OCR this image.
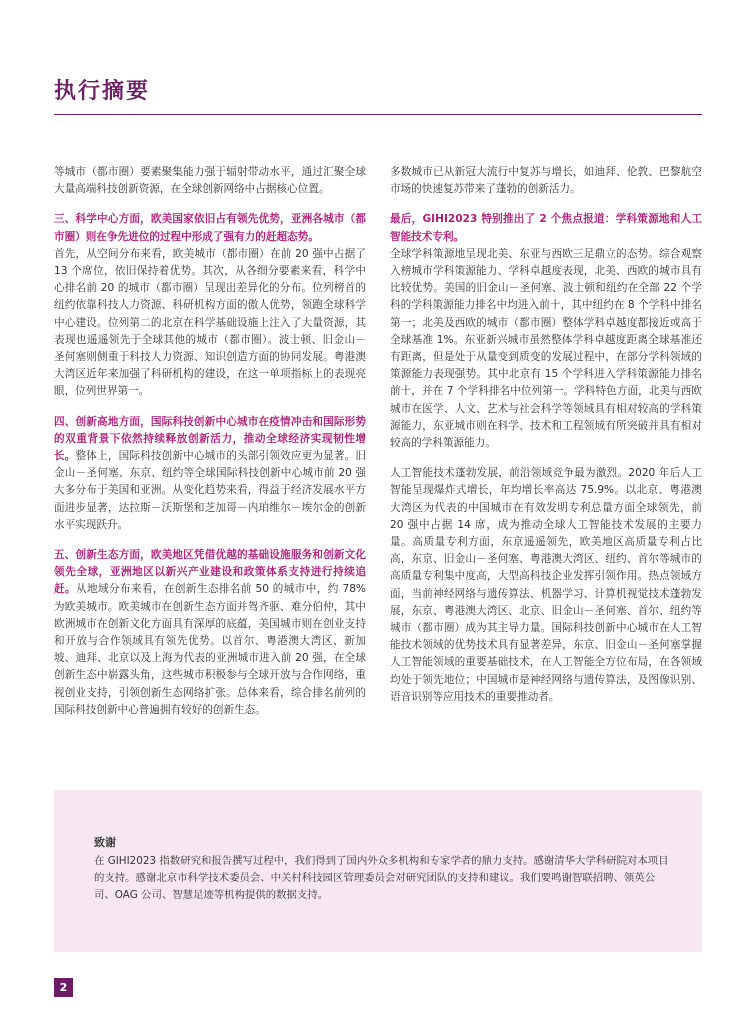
执行摘要

等城市（都市圈）要素聚集能力强于辐射带动水平，通过汇聚全球大量高端科技创新资源，在全球创新网络中占据核心位置。

三、科学中心方面，欧美国家依旧占有领先优势，亚洲各城市（都市圈）则在争先进位的过程中形成了强有力的赶超态势。
首先，从空间分布来看，欧美城市（都市圈）在前 20 强中占据了 13 个席位，依旧保持着优势。其次，从各细分要素来看，科学中心排名前 20 的城市（都市圈）呈现出差异化的分布。位列榜首的纽约依靠科技人力资源、科研机构方面的傲人优势，领跑全球科学中心建设。位列第二的北京在科学基础设施上注入了大量资源，其表现也遥遥领先于全球其他的城市（都市圈）。波士顿、旧金山－圣何塞则侧重于科技人力资源、知识创造方面的协同发展。粤港澳大湾区近年来加强了科研机构的建设，在这一单项指标上的表现亮眼，位列世界第一。

四、创新高地方面，国际科技创新中心城市在疫情冲击和国际形势的双重背景下依然持续释放创新活力，推动全球经济实现韧性增长。整体上，国际科技创新中心城市的头部引领效应更为显著。旧金山－圣何塞、东京、纽约等全球国际科技创新中心城市前 20 强大多分布于美国和亚洲。从变化趋势来看，得益于经济发展水平方面进步显著，达拉斯－沃斯堡和芝加哥－内珀维尔－埃尔金的创新水平实现跃升。

五、创新生态方面，欧美地区凭借优越的基础设施服务和创新文化领先全球，亚洲地区以新兴产业建设和政策体系支持进行持续追赶。从地域分布来看，在创新生态排名前 50 的城市中，约 78% 为欧美城市。欧美城市在创新生态方面并驾齐驱、难分伯仲，其中欧洲城市在创新文化方面具有深厚的底蕴，美国城市则在创业支持和开放与合作领域具有领先优势。以首尔、粤港澳大湾区、新加坡、迪拜、北京以及上海为代表的亚洲城市进入前 20 强，在全球创新生态中崭露头角，这些城市积极参与全球开放与合作网络，重视创业支持，引领创新生态网络扩张。总体来看，综合排名前列的国际科技创新中心普遍拥有较好的创新生态。

多数城市已从新冠大流行中复苏与增长，如迪拜、伦敦、巴黎航空市场的快速复苏带来了蓬勃的创新活力。

最后，GIHI2023 特别推出了 2 个焦点报道：学科策源地和人工智能技术专利。
全球学科策源地呈现北美、东亚与西欧三足鼎立的态势。综合观察入榜城市学科策源能力、学科卓越度表现，北美、西欧的城市具有比较优势。美国的旧金山－圣何塞、波士顿和纽约在全部 22 个学科的学科策源能力排名中均进入前十，其中纽约在 8 个学科中排名第一；北美及西欧的城市（都市圈）整体学科卓越度都接近或高于全球基准 1%。东亚新兴城市虽然整体学科卓越度距离全球基准还有距离，但是处于从量变到质变的发展过程中，在部分学科领域的策源能力表现强势。其中北京有 15 个学科进入学科策源能力排名前十，并在 7 个学科排名中位列第一。学科特色方面，北美与西欧城市在医学、人文、艺术与社会科学等领域具有相对较高的学科策源能力，东亚城市则在科学、技术和工程领域有所突破并具有相对较高的学科策源能力。

人工智能技术蓬勃发展，前沿领域竞争最为激烈。2020 年后人工智能呈现爆炸式增长，年均增长率高达 75.9%。以北京、粤港澳大湾区为代表的中国城市在有效发明专利总量方面全球领先，前 20 强中占据 14 席，成为推动全球人工智能技术发展的主要力量。高质量专利方面，东京遥遥领先，欧美地区高质量专利占比高，东京、旧金山－圣何塞、粤港澳大湾区、纽约、首尔等城市的高质量专利集中度高，大型高科技企业发挥引领作用。热点领域方面，当前神经网络与遗传算法、机器学习、计算机视觉技术蓬勃发展，东京、粤港澳大湾区、北京、旧金山－圣何塞、首尔、纽约等城市（都市圈）成为其主导力量。国际科技创新中心城市在人工智能技术领域的优势技术具有显著差异，东京、旧金山－圣何塞掌握人工智能领域的重要基础技术，在人工智能全方位布局，在各领域均处于领先地位；中国城市是神经网络与遗传算法，及图像识别、语音识别等应用技术的重要推动者。

致谢
在 GIHI2023 指数研究和报告撰写过程中，我们得到了国内外众多机构和专家学者的鼎力支持。感谢清华大学科研院对本项目的支持。感谢北京市科学技术委员会、中关村科技园区管理委员会对研究团队的支持和建议。我们要鸣谢智联招聘、领英公司、OAG 公司、智慧足迹等机构提供的数据支持。
2
